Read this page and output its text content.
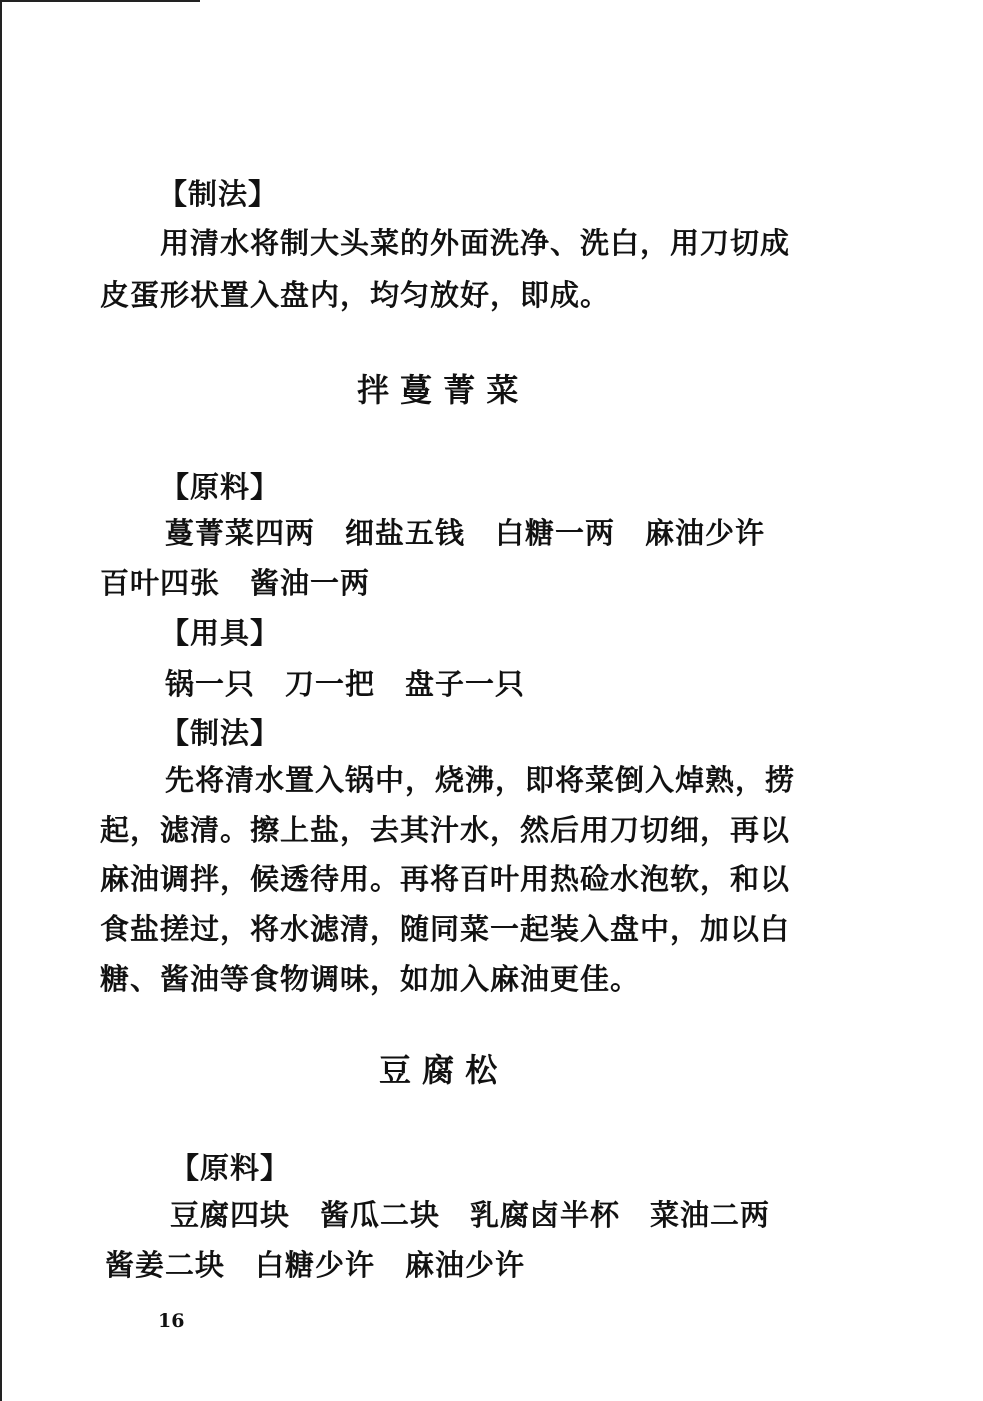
【制法】
用清水将制大头菜的外面洗净、洗白，用刀切成
皮蛋形状置入盘内，均匀放好，即成。
拌 蔓 菁 菜
【原料】
蔓菁菜四两　细盐五钱　白糖一两　麻油少许
百叶四张　酱油一两
【用具】
锅一只　刀一把　盘子一只
【制法】
先将清水置入锅中，烧沸，即将菜倒入焯熟，捞
起，滤清。擦上盐，去其汁水，然后用刀切细，再以
麻油调拌，候透待用。再将百叶用热硷水泡软，和以
食盐搓过，将水滤清，随同菜一起装入盘中，加以白
糖、酱油等食物调味，如加入麻油更佳。
豆 腐 松
【原料】
豆腐四块　酱瓜二块　乳腐卤半杯　菜油二两
酱姜二块　白糖少许　麻油少许
16
